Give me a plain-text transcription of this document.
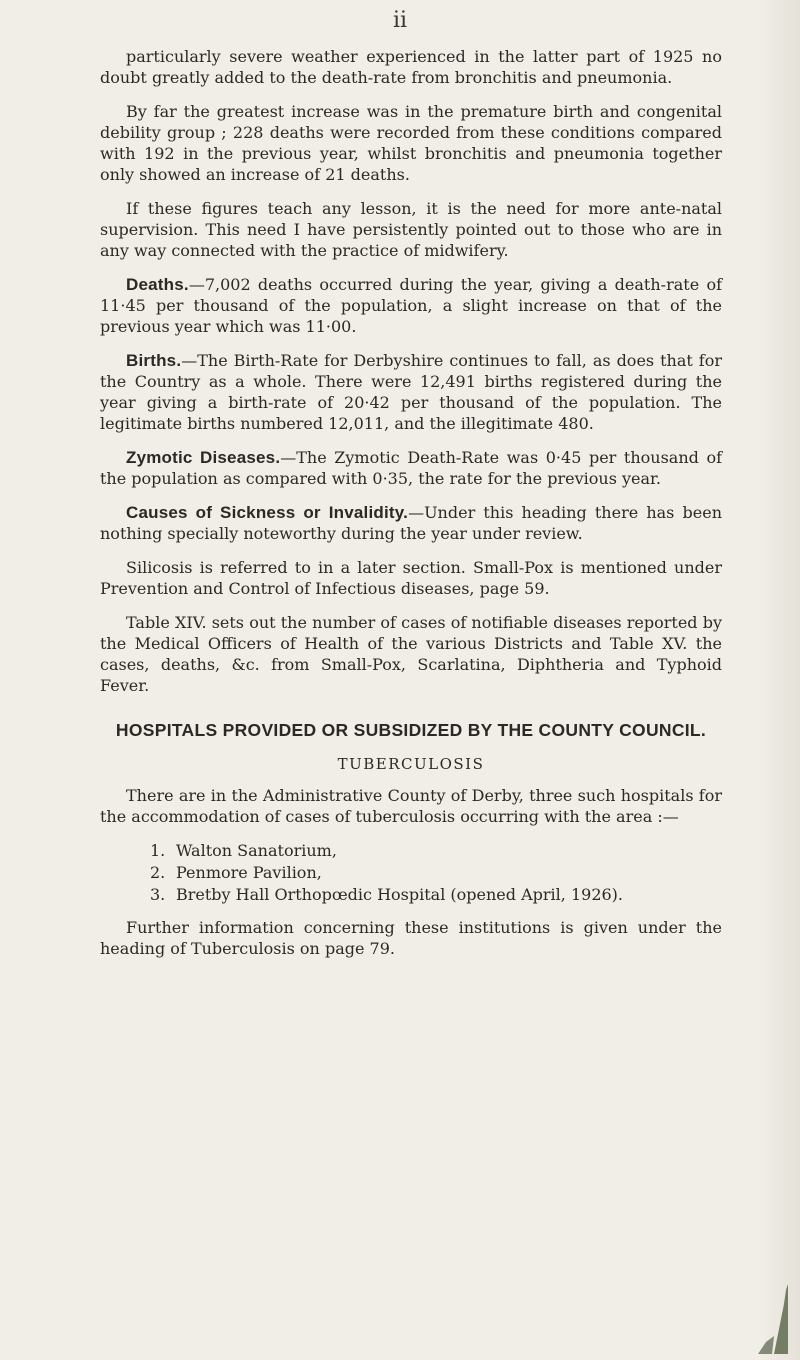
ii

particularly severe weather experienced in the latter part of 1925 no doubt greatly added to the death-rate from bronchitis and pneumonia.

By far the greatest increase was in the premature birth and congenital debility group ; 228 deaths were recorded from these conditions compared with 192 in the previous year, whilst bronchitis and pneumonia together only showed an increase of 21 deaths.

If these figures teach any lesson, it is the need for more ante-natal supervision. This need I have persistently pointed out to those who are in any way connected with the practice of midwifery.

Deaths.—7,002 deaths occurred during the year, giving a death-rate of 11·45 per thousand of the population, a slight increase on that of the previous year which was 11·00.

Births.—The Birth-Rate for Derbyshire continues to fall, as does that for the Country as a whole. There were 12,491 births registered during the year giving a birth-rate of 20·42 per thousand of the population. The legitimate births numbered 12,011, and the illegitimate 480.

Zymotic Diseases.—The Zymotic Death-Rate was 0·45 per thousand of the population as compared with 0·35, the rate for the previous year.

Causes of Sickness or Invalidity.—Under this heading there has been nothing specially noteworthy during the year under review.

Silicosis is referred to in a later section. Small-Pox is mentioned under Prevention and Control of Infectious diseases, page 59.

Table XIV. sets out the number of cases of notifiable diseases reported by the Medical Officers of Health of the various Districts and Table XV. the cases, deaths, &c. from Small-Pox, Scarlatina, Diphtheria and Typhoid Fever.

HOSPITALS PROVIDED OR SUBSIDIZED BY THE COUNTY COUNCIL.
TUBERCULOSIS

There are in the Administrative County of Derby, three such hospitals for the accommodation of cases of tuberculosis occurring with the area :—

1. Walton Sanatorium,
2. Penmore Pavilion,
3. Bretby Hall Orthopœdic Hospital (opened April, 1926).

Further information concerning these institutions is given under the heading of Tuberculosis on page 79.
